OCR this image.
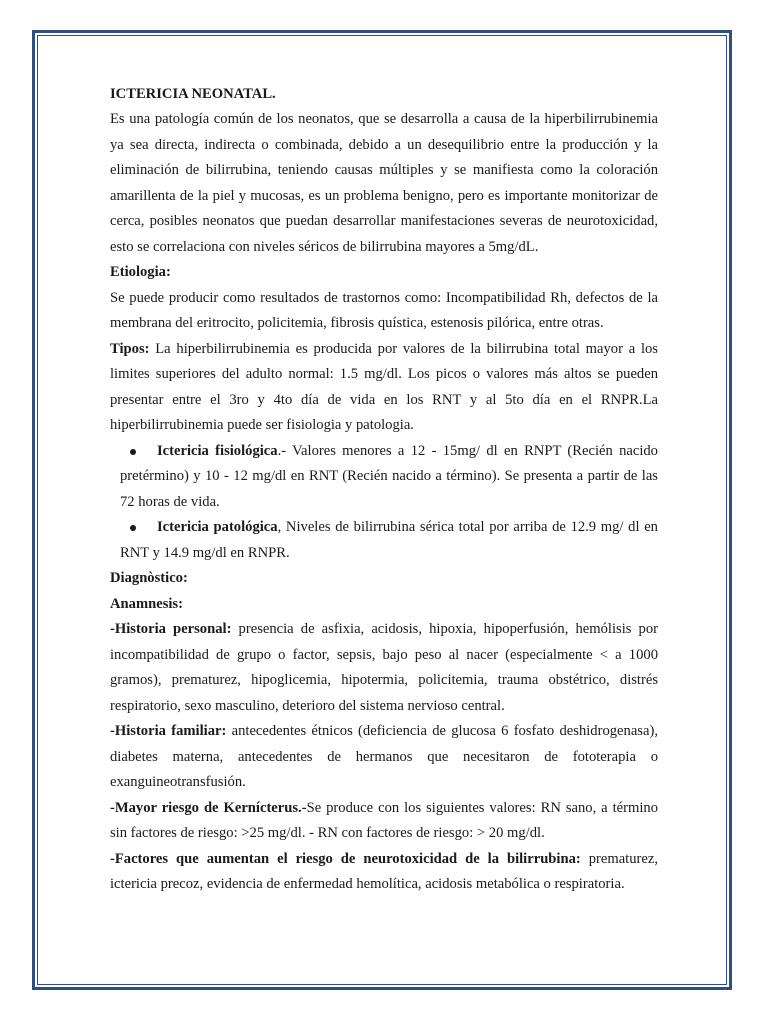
ICTERICIA NEONATAL.

Es una patología común de los neonatos, que se desarrolla a causa de la hiperbilirrubinemia ya sea directa, indirecta o combinada, debido a un desequilibrio entre la producción y la eliminación de bilirrubina, teniendo causas múltiples y se manifiesta como la coloración amarillenta de la piel y mucosas, es un problema benigno, pero es importante monitorizar de cerca, posibles neonatos que puedan desarrollar manifestaciones severas de neurotoxicidad, esto se correlaciona con niveles séricos de bilirrubina mayores a 5mg/dL.

Etiologia:

Se puede producir como resultados de trastornos como: Incompatibilidad Rh, defectos de la membrana del eritrocito, policitemia, fibrosis quística, estenosis pilórica, entre otras.

Tipos: La hiperbilirrubinemia es producida por valores de la bilirrubina total mayor a los limites superiores del adulto normal: 1.5 mg/dl. Los picos o valores más altos se pueden presentar entre el 3ro y 4to día de vida en los RNT y al 5to día en el RNPR.La hiperbilirrubinemia puede ser fisiologia y patologia.

Ictericia fisiológica.- Valores menores a 12 - 15mg/ dl en RNPT (Recién nacido pretérmino) y 10 - 12 mg/dl en RNT (Recién nacido a término). Se presenta a partir de las 72 horas de vida.
Ictericia patológica, Niveles de bilirrubina sérica total por arriba de 12.9 mg/ dl en RNT y 14.9 mg/dl en RNPR.

Diagnòstico:

Anamnesis:

-Historia personal: presencia de asfixia, acidosis, hipoxia, hipoperfusión, hemólisis por incompatibilidad de grupo o factor, sepsis, bajo peso al nacer (especialmente < a 1000 gramos), prematurez, hipoglicemia, hipotermia, policitemia, trauma obstétrico, distrés respiratorio, sexo masculino, deterioro del sistema nervioso central.

-Historia familiar: antecedentes étnicos (deficiencia de glucosa 6 fosfato deshidrogenasa), diabetes materna, antecedentes de hermanos que necesitaron de fototerapia o exanguineotransfusión.

-Mayor riesgo de Kernícterus.-Se produce con los siguientes valores: RN sano, a término sin factores de riesgo: >25 mg/dl. - RN con factores de riesgo: > 20 mg/dl.

-Factores que aumentan el riesgo de neurotoxicidad de la bilirrubina: prematurez, ictericia precoz, evidencia de enfermedad hemolítica, acidosis metabólica o respiratoria.
